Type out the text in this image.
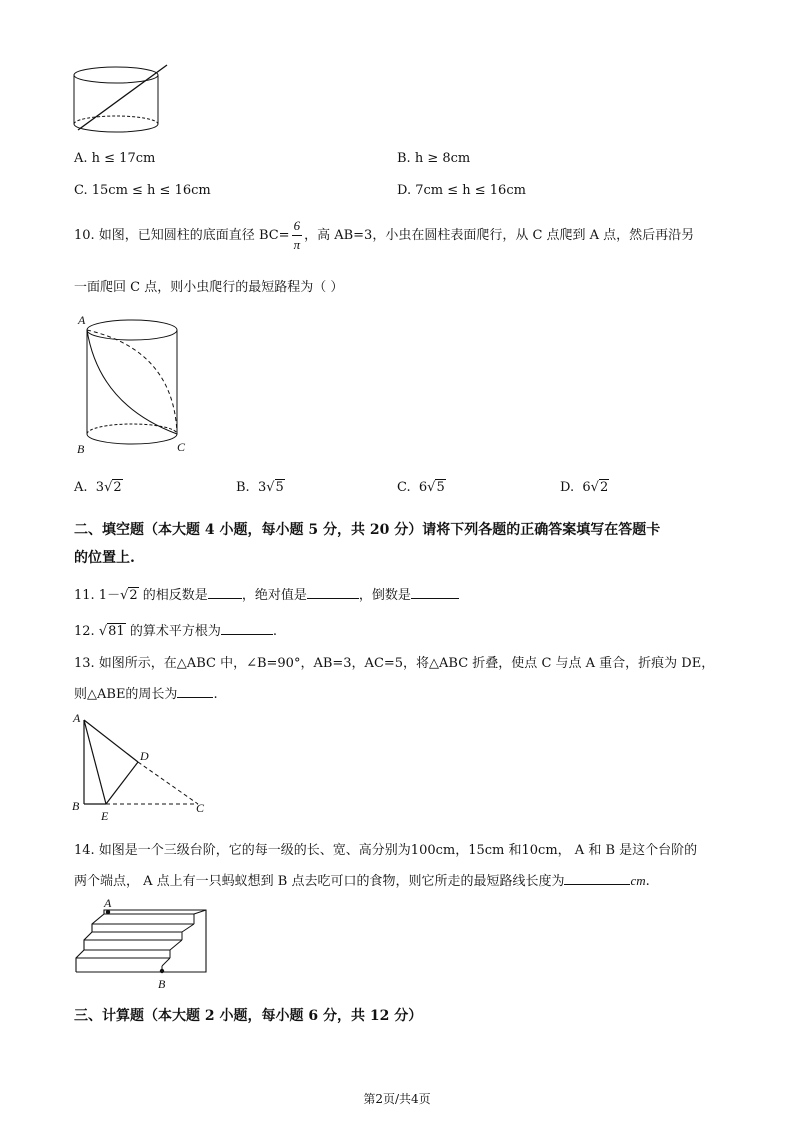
A. h ≤ 17cm	B. h ≥ 8cm
C. 15cm ≤ h ≤ 16cm	D. 7cm ≤ h ≤ 16cm
10. 如图，已知圆柱的底面直径 $BC= \frac{6}{\pi}$ ，高 AB=3，小虫在圆柱表面爬行，从 C 点爬到 A 点，然后再沿另
一面爬回 C 点，则小虫爬行的最短路程为（ ）
A
B	C
A. 3√2	B. 3√5	C. 6√5	D. 6√2
二、填空题（本大题 4 小题，每小题 5 分，共 20 分）请将下列各题的正确答案填写在答题卡
的位置上.
11. 1－√2 的相反数是	，绝对值是	，倒数是
12. √81 的算术平方根为	.
13. 如图所示，在△ABC 中，∠B=90°，AB=3，AC=5，将△ABC 折叠，使点 C 与点 A 重合，折痕为 DE，
则△ABE的周长为	.
A
B	C
D
E
14. 如图是一个三级台阶，它的每一级的长、宽、高分别为100cm，15cm 和10cm， A 和 B 是这个台阶的
两个端点， A 点上有一只蚂蚁想到 B 点去吃可口的食物，则它所走的最短路线长度为	cm.
A
B
三、计算题（本大题 2 小题，每小题 6 分，共 12 分）
第2页/共4页
